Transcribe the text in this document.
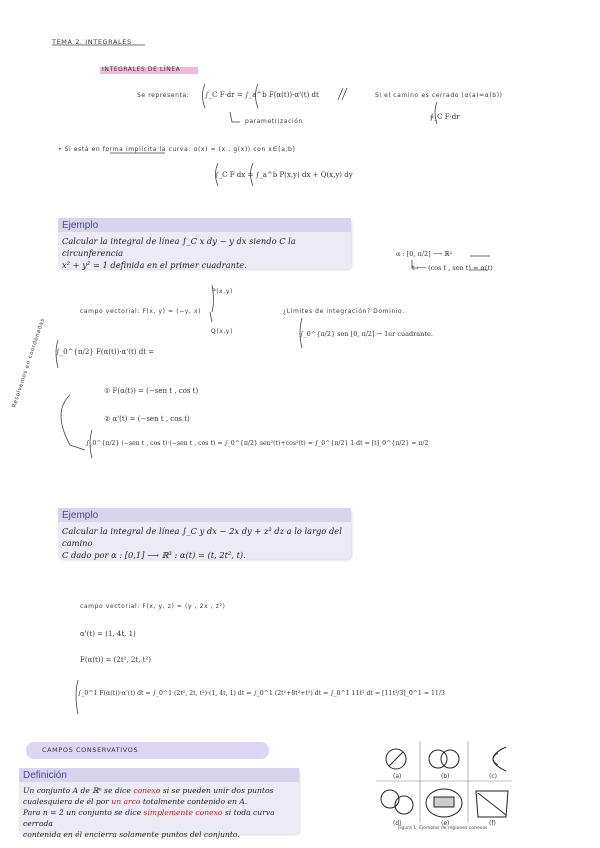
TEMA 2. INTEGRALES
INTEGRALES DE LÍNEA
Se representa: ∫_C F·dr = ∫_a^b F(α(t))·α'(t) dt
parametrización
Si el camino es cerrado (α(a)=α(b))
∮_C F·dr
• Si está en forma implícita la curva: α(x) = (x , g(x)) con x∈[a,b]
∫_C F dx = ∫_a^b P(x,y) dx + Q(x,y) dy
Ejemplo
Calcular la integral de línea ∫_C x dy − y dx siendo C la circunferencia
x² + y² = 1 definida en el primer cuadrante.
α : [0, π/2] ⟶ ℝ²
t ⟼ (cos t , sen t) = α(t)
campo vectorial: F(x, y) = (−y, x)
P(x,y)
Q(x,y)
¿Límites de integración? Dominio.
∫_0^{π/2} son [0, π/2] → 1er cuadrante.
Resolvemos en coordenadas ∫_0^{π/2} F(α(t))·α'(t) dt =
① F(α(t)) = (−sen t , cos t)
② α'(t) = (−sen t , cos t)
∫_0^{π/2} (−sen t , cos t)·(−sen t , cos t) = ∫_0^{π/2} sen²(t)+cos²(t) = ∫_0^{π/2} 1 dt = [t]_0^{π/2} = π/2
Ejemplo
Calcular la integral de línea ∫_C y dx − 2x dy + z² dz a lo largo del camino
C dado por α : [0,1] ⟶ ℝ³ : α(t) = (t, 2t², t).
campo vectorial: F(x, y, z) = (y , 2x , z²)
α'(t) = (1, 4t, 1)
F(α(t)) = (2t², 2t, t²)
∫_0^1 F(α(t))·α'(t) dt = ∫_0^1 (2t², 2t, t²)·(1, 4t, 1) dt = ∫_0^1 (2t²+8t²+t²) dt = ∫_0^1 11t² dt = [11t³/3]_0^1 = 11/3
CAMPOS CONSERVATIVOS
Definición
Un conjunto A de ℝⁿ se dice conexo si se pueden unir dos puntos
cualesquiera de él por un arco totalmente contenido en A.
Para n = 2 un conjunto se dice simplemente conexo si toda curva cerrada
contenida en él encierra solamente puntos del conjunto.
(a)	(b)	(c)
(d)	(e)	(f)
Figura 1: Ejemplos de regiones conexas
